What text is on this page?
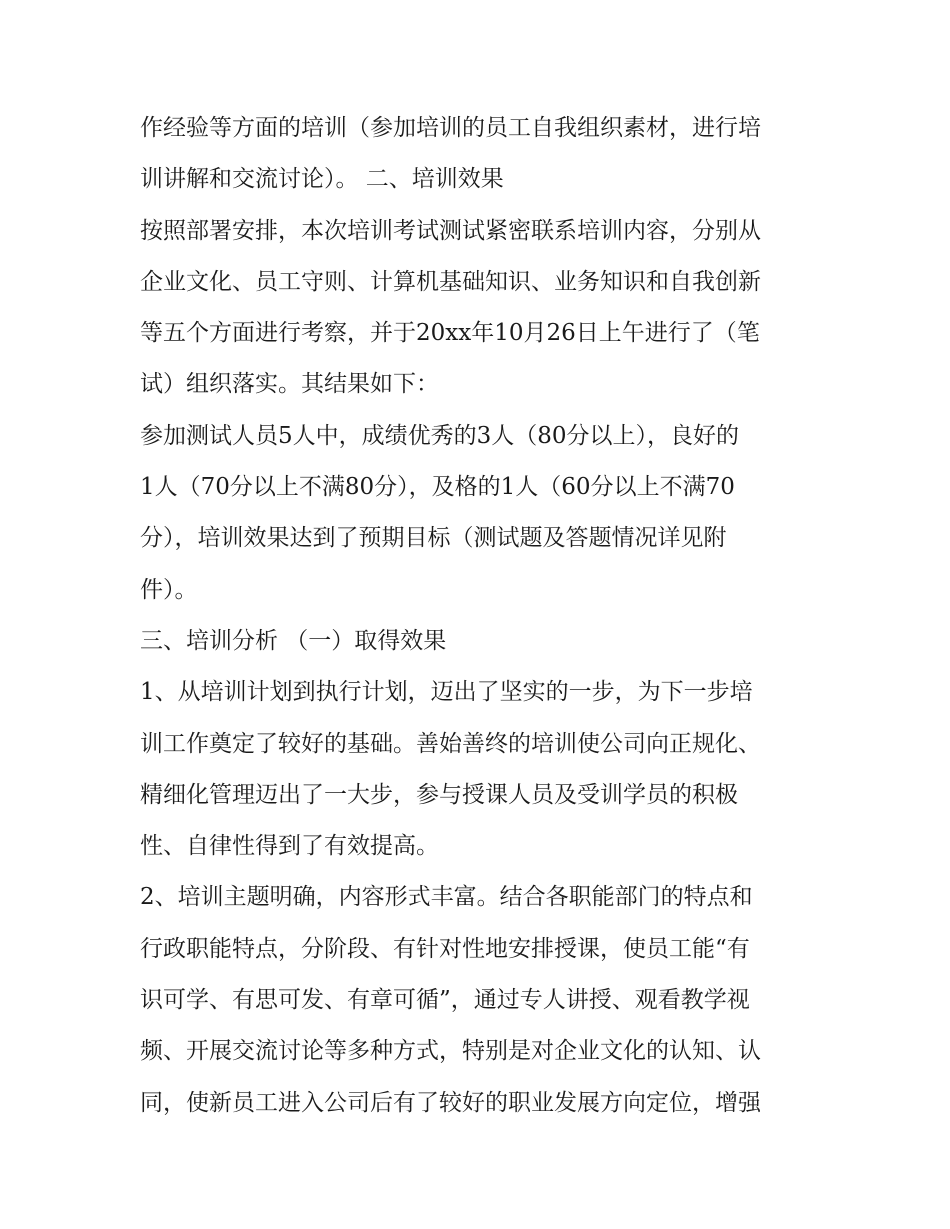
作经验等方面的培训（参加培训的员工自我组织素材，进行培
训讲解和交流讨论）。 二、培训效果
按照部署安排，本次培训考试测试紧密联系培训内容，分别从
企业文化、员工守则、计算机基础知识、业务知识和自我创新
等五个方面进行考察，并于20xx年10月26日上午进行了（笔
试）组织落实。其结果如下：
参加测试人员5人中，成绩优秀的3人（80分以上），良好的
1人（70分以上不满80分），及格的1人（60分以上不满70
分），培训效果达到了预期目标（测试题及答题情况详见附
件）。
三、培训分析 （一）取得效果
1、从培训计划到执行计划，迈出了坚实的一步，为下一步培
训工作奠定了较好的基础。善始善终的培训使公司向正规化、
精细化管理迈出了一大步，参与授课人员及受训学员的积极
性、自律性得到了有效提高。
2、培训主题明确，内容形式丰富。结合各职能部门的特点和
行政职能特点，分阶段、有针对性地安排授课，使员工能“有
识可学、有思可发、有章可循”，通过专人讲授、观看教学视
频、开展交流讨论等多种方式，特别是对企业文化的认知、认
同，使新员工进入公司后有了较好的职业发展方向定位，增强
